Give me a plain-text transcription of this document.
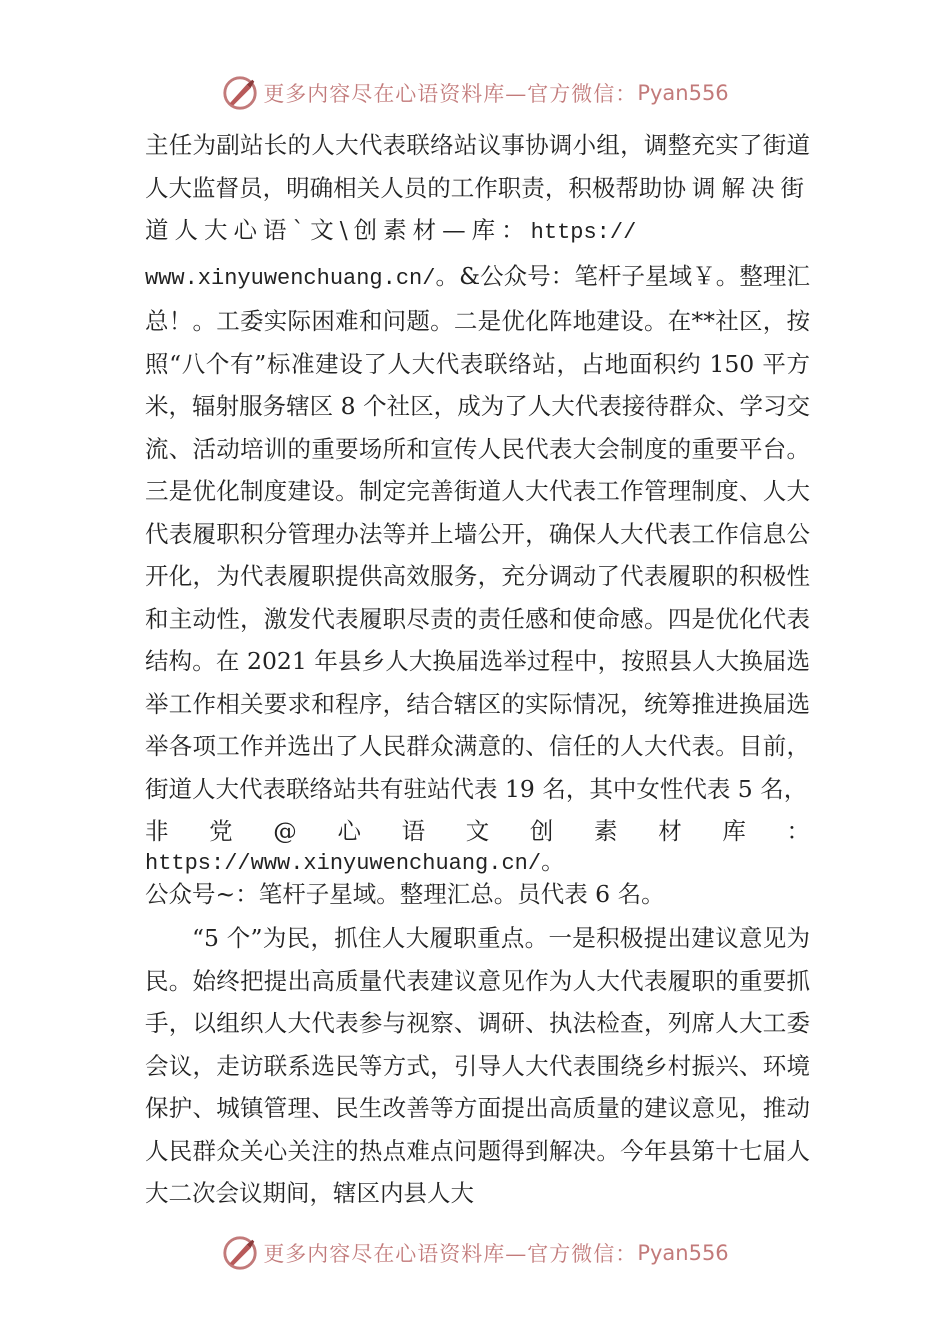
更多内容尽在心语资料库—官方微信： Pyan556

主任为副站长的人大代表联络站议事协调小组，调整充实了街道人大监督员，明确相关人员的工作职责，积极帮助协调解决街道人大心语`文\创素材—库：https://
www.xinyuwenchuang.cn/。&公众号：笔杆子星域￥。整理汇总！。工委实际困难和问题。二是优化阵地建设。在**社区，按照“八个有”标准建设了人大代表联络站，占地面积约 150 平方米，辐射服务辖区 8 个社区，成为了人大代表接待群众、学习交流、活动培训的重要场所和宣传人民代表大会制度的重要平台。三是优化制度建设。制定完善街道人大代表工作管理制度、人大代表履职积分管理办法等并上墙公开，确保人大代表工作信息公开化，为代表履职提供高效服务，充分调动了代表履职的积极性和主动性，激发代表履职尽责的责任感和使命感。四是优化代表结构。在 2021 年县乡人大换届选举过程中，按照县人大换届选举工作相关要求和程序，结合辖区的实际情况，统筹推进换届选举各项工作并选出了人民群众满意的、信任的人大代表。目前，街道人大代表联络站共有驻站代表 19 名，其中女性代表 5 名，

非党@心语文创素材库：https://www.xinyuwenchuang.cn/。
公众号~：笔杆子星域。整理汇总。员代表 6 名。

“5 个”为民，抓住人大履职重点。一是积极提出建议意见为民。始终把提出高质量代表建议意见作为人大代表履职的重要抓手，以组织人大代表参与视察、调研、执法检查，列席人大工委会议，走访联系选民等方式，引导人大代表围绕乡村振兴、环境保护、城镇管理、民生改善等方面提出高质量的建议意见，推动人民群众关心关注的热点难点问题得到解决。今年县第十七届人大二次会议期间，辖区内县人大

更多内容尽在心语资料库—官方微信： Pyan556
